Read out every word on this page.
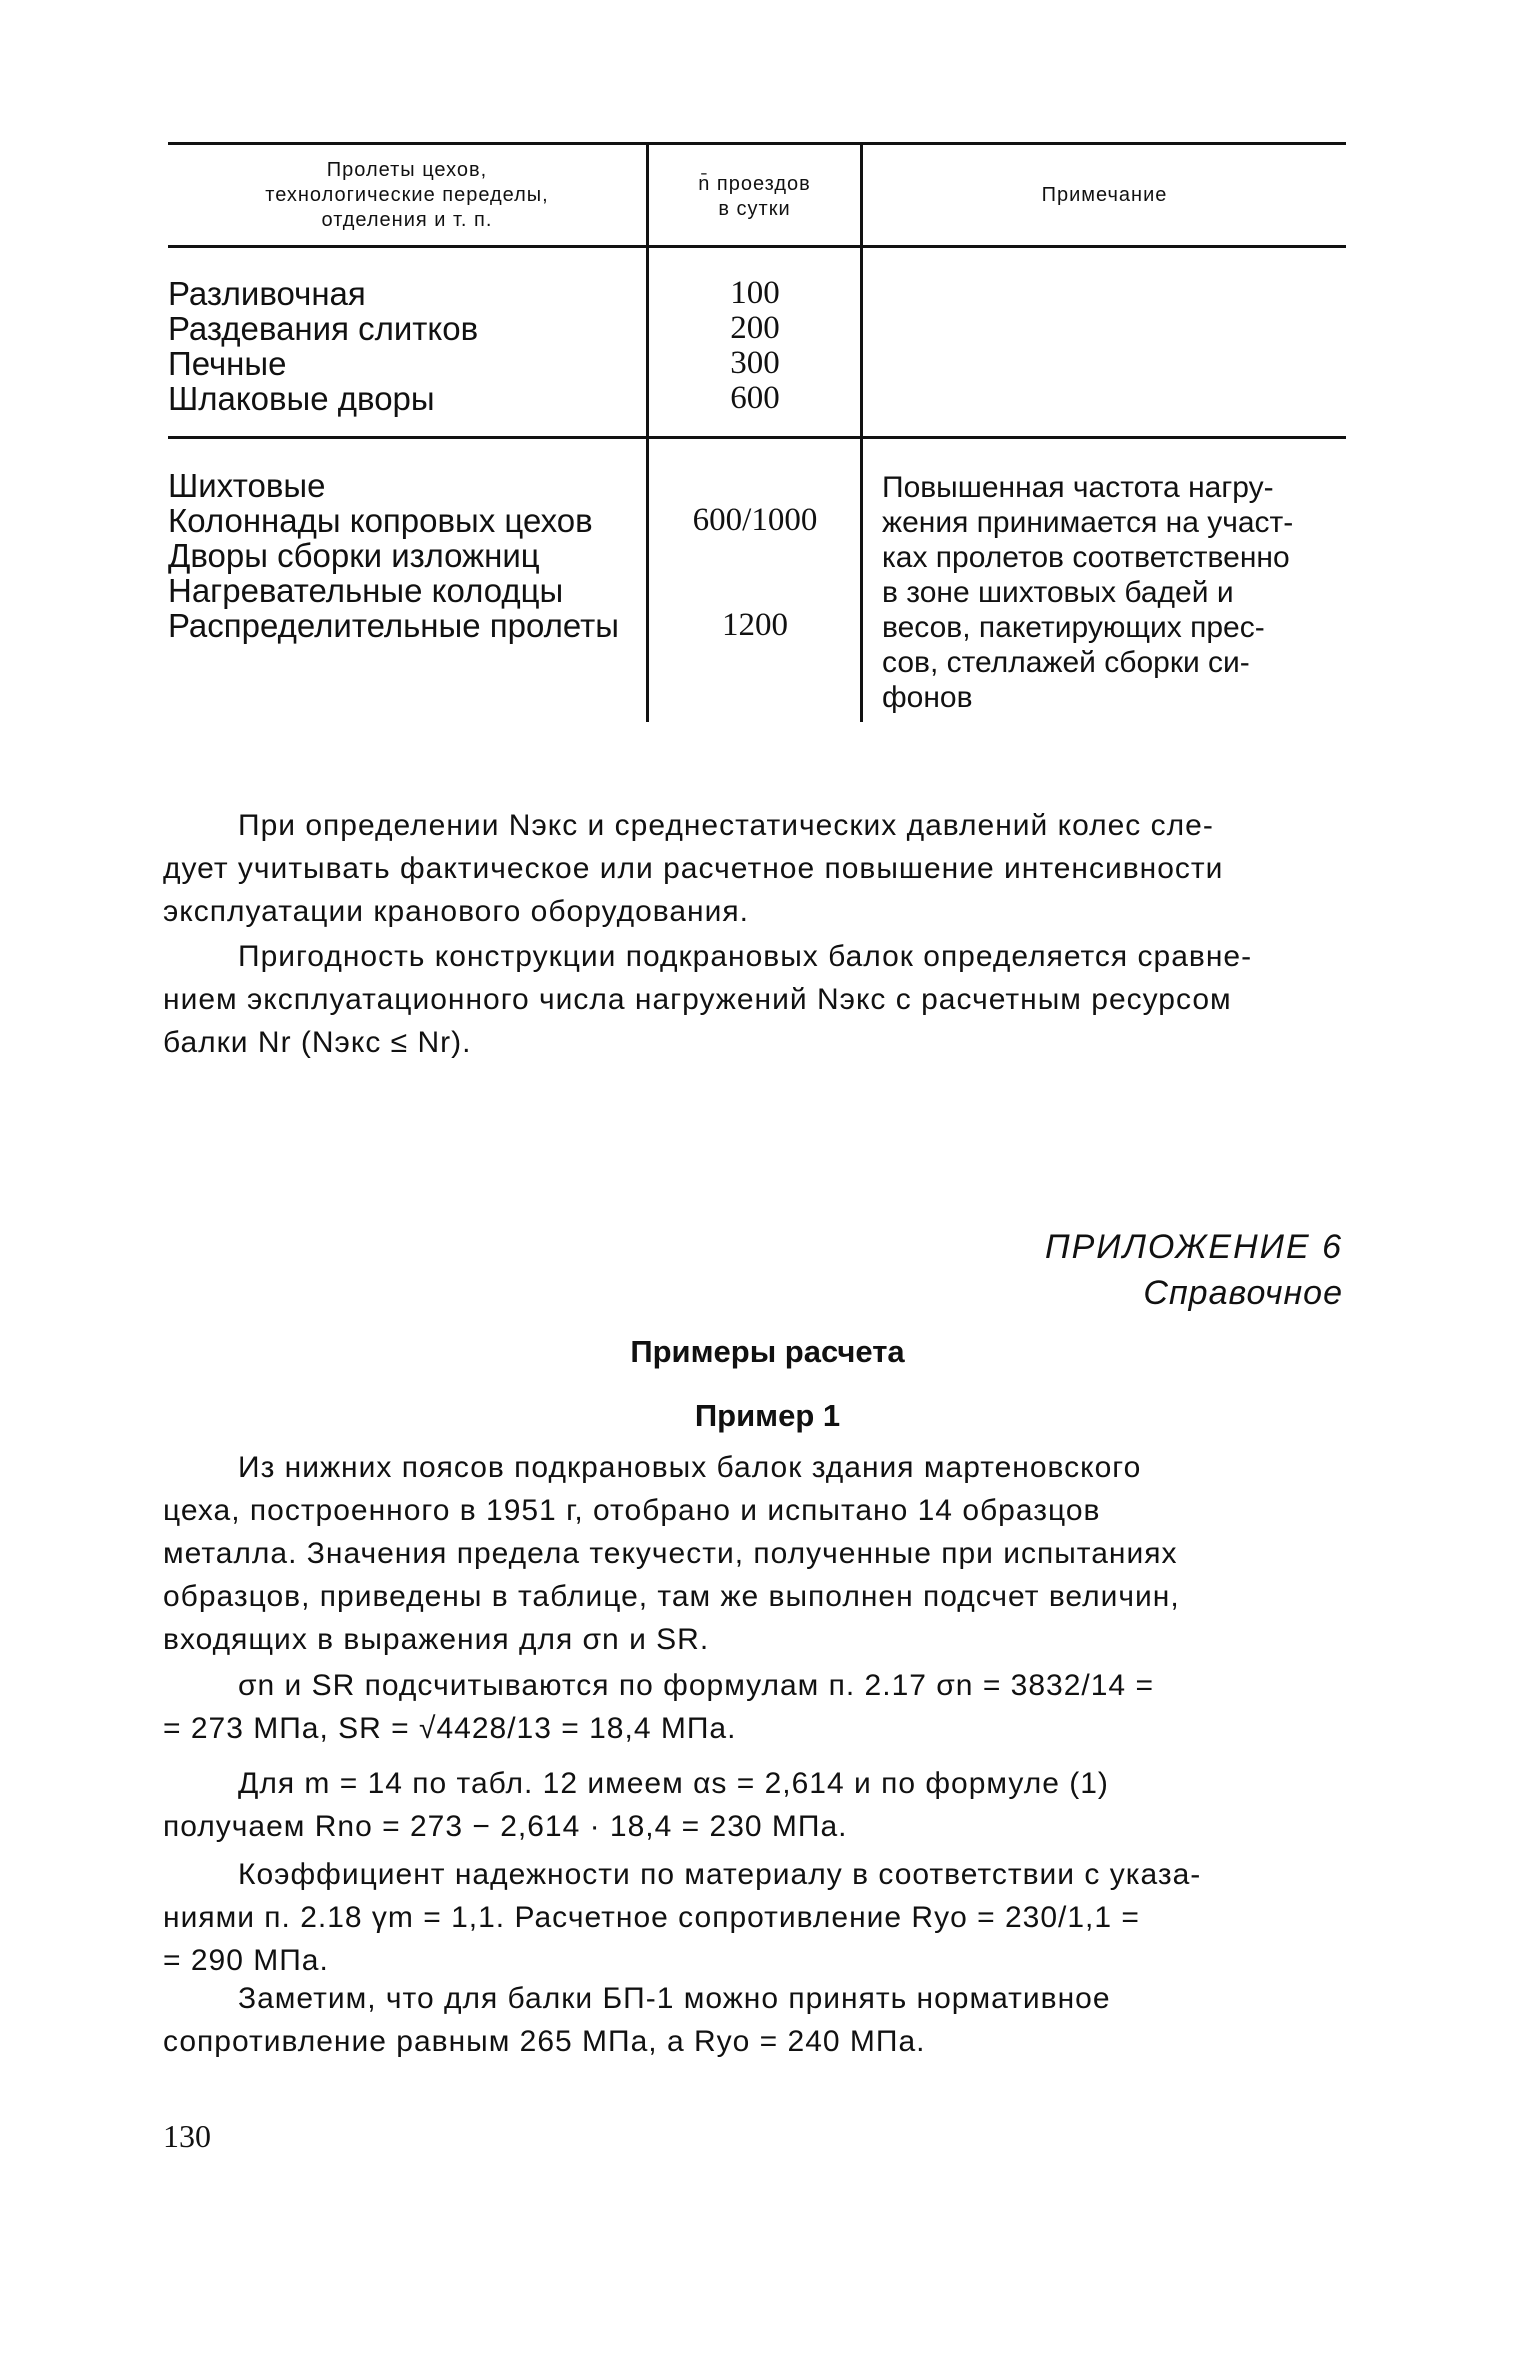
Пролеты цехов,
технологические переделы,
отделения и т. п.
n̄ проездов
в сутки
Примечание
Разливочная
Раздевания слитков
Печные
Шлаковые дворы
100
200
300
600
Шихтовые
Колоннады копровых цехов
Дворы сборки изложниц
Нагревательные колодцы
Распределительные пролеты
600/1000
1200
Повышенная частота нагру-
жения принимается на участ-
ках пролетов соответственно
в зоне шихтовых бадей и
весов, пакетирующих прес-
сов, стеллажей сборки си-
фонов
При определении Nэкс и среднестатических давлений колес сле-
дует учитывать фактическое или расчетное повышение интенсивности
эксплуатации кранового оборудования.
Пригодность конструкции подкрановых балок определяется сравне-
нием эксплуатационного числа нагружений Nэкс с расчетным ресурсом
балки Nr (Nэкс ≤ Nr).
ПРИЛОЖЕНИЕ 6
Справочное
Примеры расчета
Пример 1
Из нижних поясов подкрановых балок здания мартеновского
цеха, построенного в 1951 г, отобрано и испытано 14 образцов
металла. Значения предела текучести, полученные при испытаниях
образцов, приведены в таблице, там же выполнен подсчет величин,
входящих в выражения для σn и SR.
σn и SR подсчитываются по формулам п. 2.17 σn = 3832/14 =
= 273 МПа, SR = √4428/13 = 18,4 МПа.
Для m = 14 по табл. 12 имеем αs = 2,614 и по формуле (1)
получаем Rno = 273 − 2,614 · 18,4 = 230 МПа.
Коэффициент надежности по материалу в соответствии с указа-
ниями п. 2.18 γm = 1,1. Расчетное сопротивление Ryo = 230/1,1 =
= 290 МПа.
Заметим, что для балки БП-1 можно принять нормативное
сопротивление равным 265 МПа, а Ryo = 240 МПа.
130
